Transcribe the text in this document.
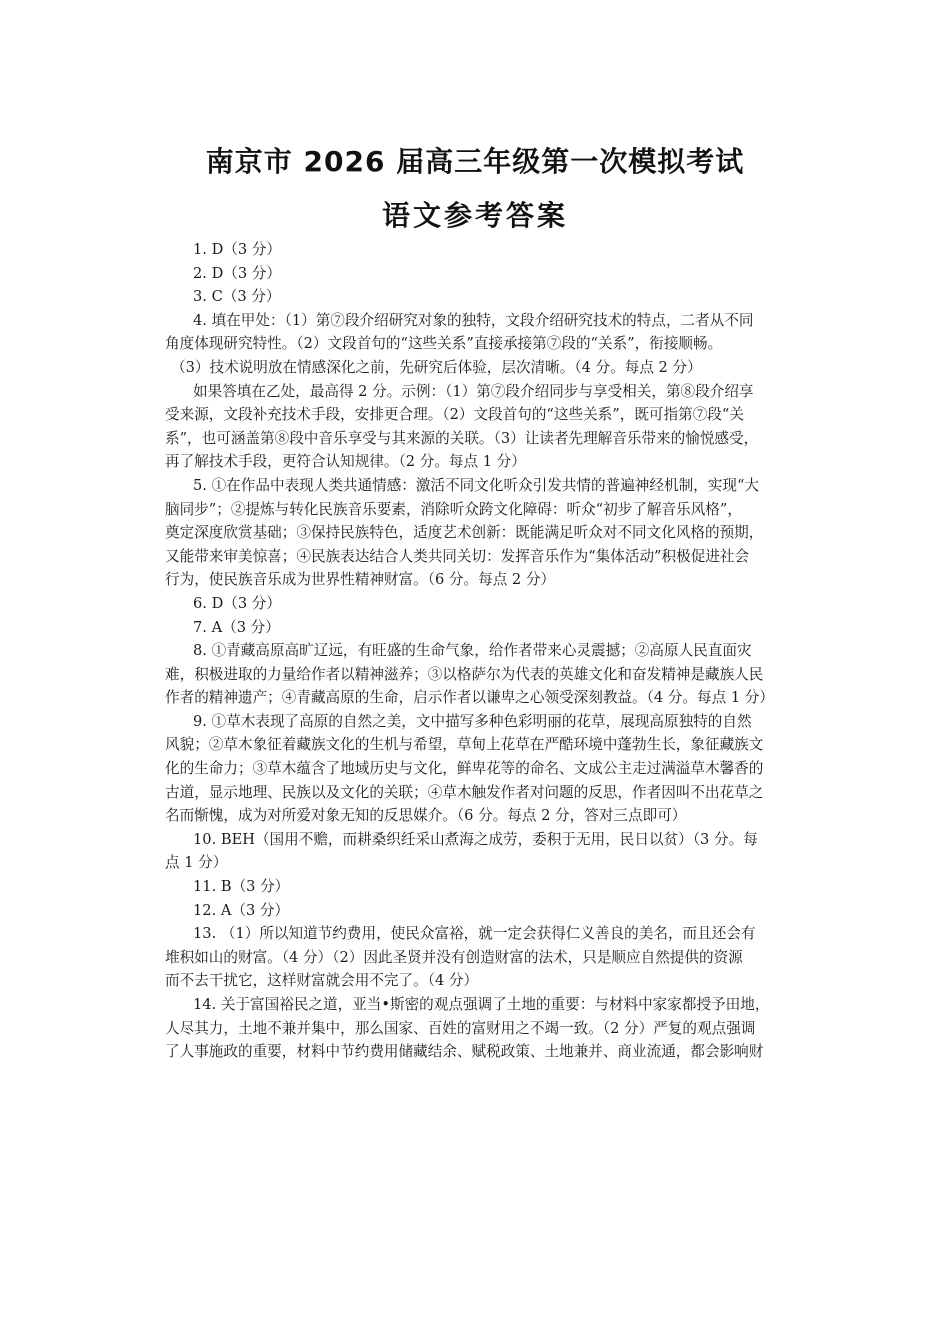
南京市 2026 届高三年级第一次模拟考试
语文参考答案
1. D（3 分）
2. D（3 分）
3. C（3 分）
4. 填在甲处：（1）第⑦段介绍研究对象的独特，文段介绍研究技术的特点，二者从不同
角度体现研究特性。（2）文段首句的“这些关系”直接承接第⑦段的“关系”，衔接顺畅。
（3）技术说明放在情感深化之前，先研究后体验，层次清晰。（4 分。每点 2 分）
如果答填在乙处，最高得 2 分。示例：（1）第⑦段介绍同步与享受相关，第⑧段介绍享
受来源，文段补充技术手段，安排更合理。（2）文段首句的“这些关系”，既可指第⑦段“关
系”，也可涵盖第⑧段中音乐享受与其来源的关联。（3）让读者先理解音乐带来的愉悦感受，
再了解技术手段，更符合认知规律。（2 分。每点 1 分）
5. ①在作品中表现人类共通情感：激活不同文化听众引发共情的普遍神经机制，实现“大
脑同步”；②提炼与转化民族音乐要素，消除听众跨文化障碍：听众“初步了解音乐风格”，
奠定深度欣赏基础；③保持民族特色，适度艺术创新：既能满足听众对不同文化风格的预期，
又能带来审美惊喜；④民族表达结合人类共同关切：发挥音乐作为“集体活动”积极促进社会
行为，使民族音乐成为世界性精神财富。（6 分。每点 2 分）
6. D（3 分）
7. A（3 分）
8. ①青藏高原高旷辽远，有旺盛的生命气象，给作者带来心灵震撼；②高原人民直面灾
难，积极进取的力量给作者以精神滋养；③以格萨尔为代表的英雄文化和奋发精神是藏族人民
作者的精神遗产；④青藏高原的生命，启示作者以谦卑之心领受深刻教益。（4 分。每点 1 分）
9. ①草木表现了高原的自然之美，文中描写多种色彩明丽的花草，展现高原独特的自然
风貌；②草木象征着藏族文化的生机与希望，草甸上花草在严酷环境中蓬勃生长，象征藏族文
化的生命力；③草木蕴含了地域历史与文化，鲜卑花等的命名、文成公主走过满溢草木馨香的
古道，显示地理、民族以及文化的关联；④草木触发作者对问题的反思，作者因叫不出花草之
名而惭愧，成为对所爱对象无知的反思媒介。（6 分。每点 2 分，答对三点即可）
10. BEH（国用不赡，而耕桑织纴采山煮海之成劳，委积于无用，民日以贫）（3 分。每
点 1 分）
11. B（3 分）
12. A（3 分）
13. （1）所以知道节约费用，使民众富裕，就一定会获得仁义善良的美名，而且还会有
堆积如山的财富。（4 分）（2）因此圣贤并没有创造财富的法术，只是顺应自然提供的资源
而不去干扰它，这样财富就会用不完了。（4 分）
14. 关于富国裕民之道，亚当•斯密的观点强调了土地的重要：与材料中家家都授予田地，
人尽其力，土地不兼并集中，那么国家、百姓的富财用之不竭一致。（2 分）严复的观点强调
了人事施政的重要，材料中节约费用储藏结余、赋税政策、土地兼并、商业流通，都会影响财
